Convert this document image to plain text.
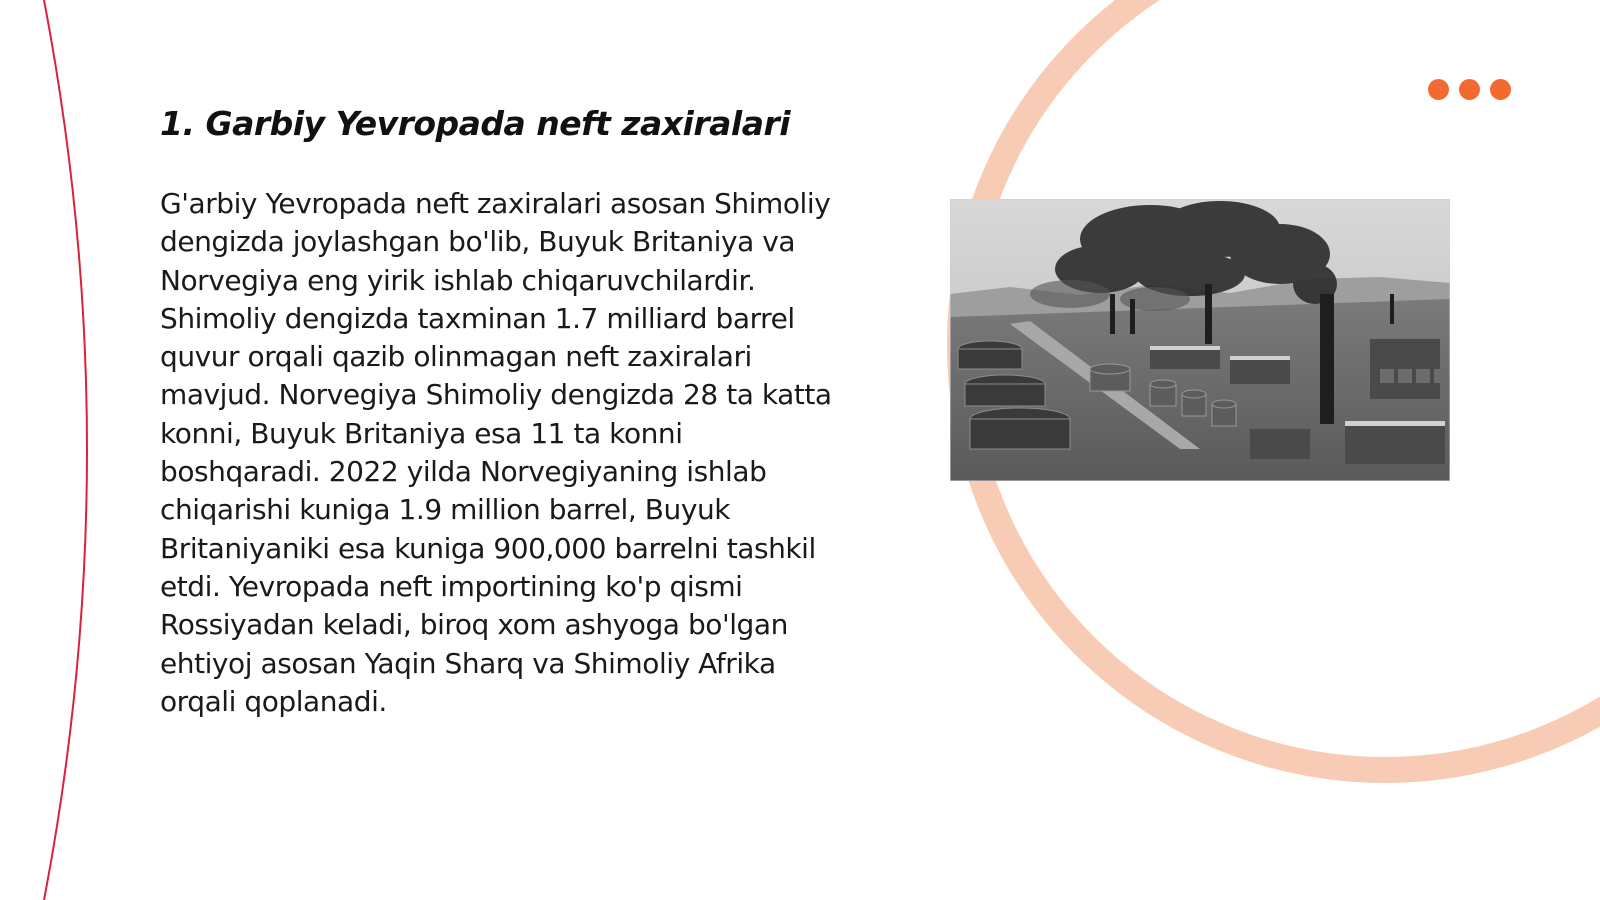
1. Garbiy Yevropada neft zaxiralari

G'arbiy Yevropada neft zaxiralari asosan Shimoliy dengizda joylashgan bo'lib, Buyuk Britaniya va Norvegiya eng yirik ishlab chiqaruvchilardir. Shimoliy dengizda taxminan 1.7 milliard barrel quvur orqali qazib olinmagan neft zaxiralari mavjud. Norvegiya Shimoliy dengizda 28 ta katta konni, Buyuk Britaniya esa 11 ta konni boshqaradi. 2022 yilda Norvegiyaning ishlab chiqarishi kuniga 1.9 million barrel, Buyuk Britaniyaniki esa kuniga 900,000 barrelni tashkil etdi. Yevropada neft importining ko'p qismi Rossiyadan keladi, biroq xom ashyoga bo'lgan ehtiyoj asosan Yaqin Sharq va Shimoliy Afrika orqali qoplanadi.
